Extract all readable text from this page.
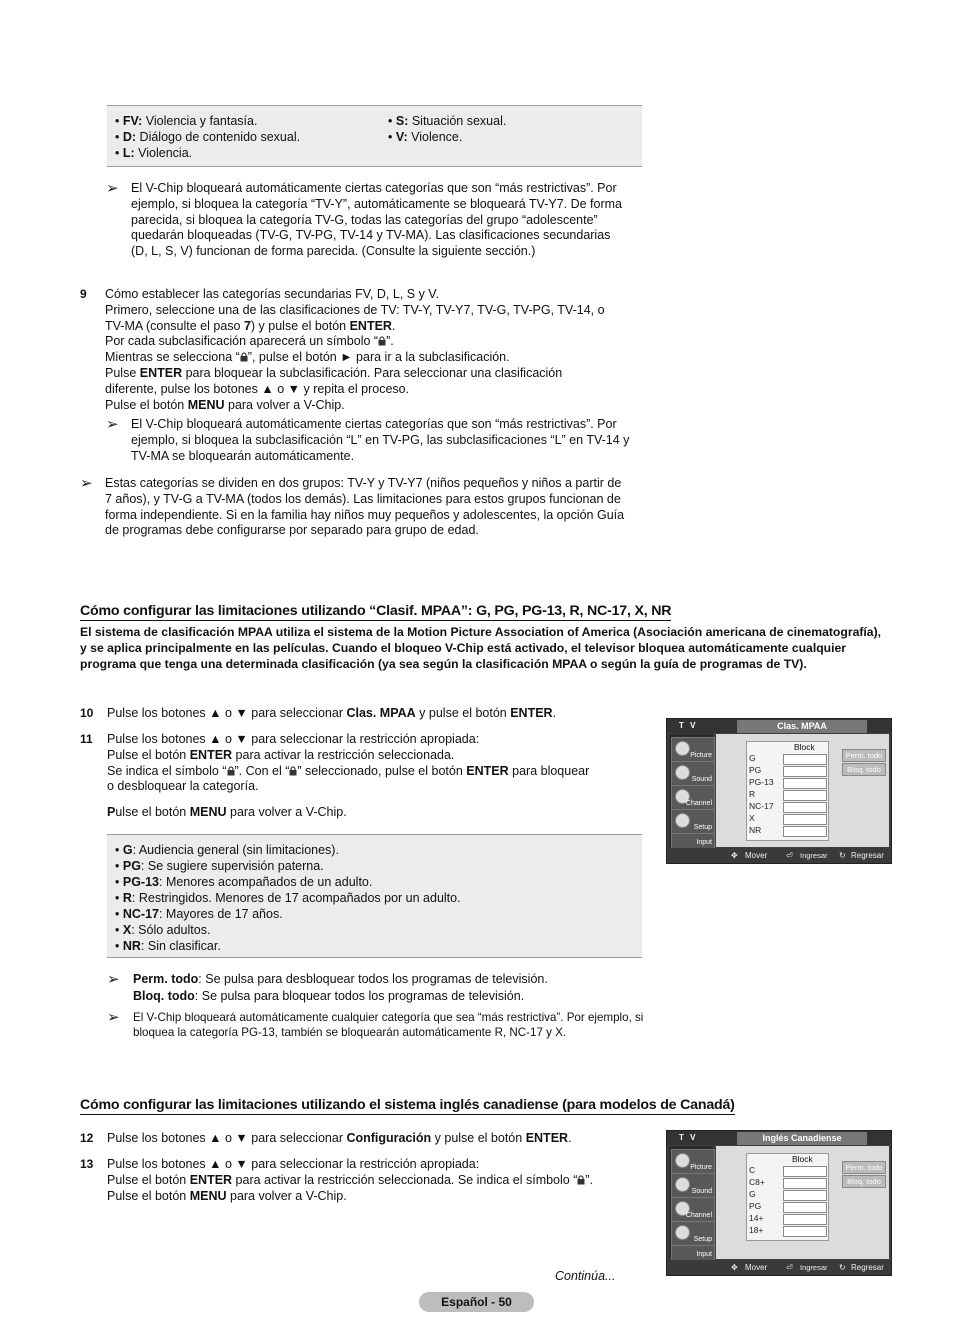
• FV: Violencia y fantasía.
• D: Diálogo de contenido sexual.
• L: Violencia.
• S: Situación sexual.
• V: Violence.
➢ El V-Chip bloqueará automáticamente ciertas categorías que son “más restrictivas”. Por ejemplo, si bloquea la categoría “TV-Y”, automáticamente se bloqueará TV-Y7. De forma parecida, si bloquea la categoría TV-G, todas las categorías del grupo “adolescente” quedarán bloqueadas (TV-G, TV-PG, TV-14 y TV-MA). Las clasificaciones secundarias (D, L, S, V) funcionan de forma parecida. (Consulte la siguiente sección.)
9 Cómo establecer las categorías secundarias FV, D, L, S y V.
Primero, seleccione una de las clasificaciones de TV: TV-Y, TV-Y7, TV-G, TV-PG, TV-14, o
TV-MA (consulte el paso 7) y pulse el botón ENTER.
Por cada subclasificación aparecerá un símbolo “ ”.
Mientras se selecciona “ ”, pulse el botón ► para ir a la subclasificación.
Pulse ENTER para bloquear la subclasificación. Para seleccionar una clasificación
diferente, pulse los botones ▲ o ▼ y repita el proceso.
Pulse el botón MENU para volver a V-Chip.
➢ El V-Chip bloqueará automáticamente ciertas categorías que son “más restrictivas”. Por ejemplo, si bloquea la subclasificación “L” en TV-PG, las subclasificaciones “L” en TV-14 y TV-MA se bloquearán automáticamente.
➢ Estas categorías se dividen en dos grupos: TV-Y y TV-Y7 (niños pequeños y niños a partir de 7 años), y TV-G a TV-MA (todos los demás). Las limitaciones para estos grupos funcionan de forma independiente. Si en la familia hay niños muy pequeños y adolescentes, la opción Guía de programas debe configurarse por separado para grupo de edad.
Cómo configurar las limitaciones utilizando “Clasif. MPAA”: G, PG, PG-13, R, NC-17, X, NR
El sistema de clasificación MPAA utiliza el sistema de la Motion Picture Association of America (Asociación americana de cinematografía), y se aplica principalmente en las películas. Cuando el bloqueo V-Chip está activado, el televisor bloquea automáticamente cualquier programa que tenga una determinada clasificación (ya sea según la clasificación MPAA o según la guía de programas de TV).
10 Pulse los botones ▲ o ▼ para seleccionar Clas. MPAA y pulse el botón ENTER.
11 Pulse los botones ▲ o ▼ para seleccionar la restricción apropiada:
Pulse el botón ENTER para activar la restricción seleccionada.
Se indica el símbolo “ ”. Con el “ ” seleccionado, pulse el botón ENTER para bloquear
o desbloquear la categoría.
Pulse el botón MENU para volver a V-Chip.
• G: Audiencia general (sin limitaciones).
• PG: Se sugiere supervisión paterna.
• PG-13: Menores acompañados de un adulto.
• R: Restringidos. Menores de 17 acompañados por un adulto.
• NC-17: Mayores de 17 años.
• X: Sólo adultos.
• NR: Sin clasificar.
➢ Perm. todo: Se pulsa para desbloquear todos los programas de televisión.
Bloq. todo: Se pulsa para bloquear todos los programas de televisión.
➢ El V-Chip bloqueará automáticamente cualquier categoría que sea “más restrictiva”. Por ejemplo, si bloquea la categoría PG-13, también se bloquearán automáticamente R, NC-17 y X.
Cómo configurar las limitaciones utilizando el sistema inglés canadiense (para modelos de Canadá)
12 Pulse los botones ▲ o ▼ para seleccionar Configuración y pulse el botón ENTER.
13 Pulse los botones ▲ o ▼ para seleccionar la restricción apropiada:
Pulse el botón ENTER para activar la restricción seleccionada. Se indica el símbolo “ ”.
Pulse el botón MENU para volver a V-Chip.
Continúa...
Español - 50
T V	Clas. MPAA
Picture
Sound
Channel
Setup
Input
Block
G
PG
PG-13
R
NC-17
X
NR
Perm. todo
Bloq. todo
✥ Mover ⏎ Ingresar ↻ Regresar
T V	Inglés Canadiense
Picture
Sound
Channel
Setup
Input
Block
C
C8+
G
PG
14+
18+
Perm. todo
Bloq. todo
✥ Mover ⏎ Ingresar ↻ Regresar
